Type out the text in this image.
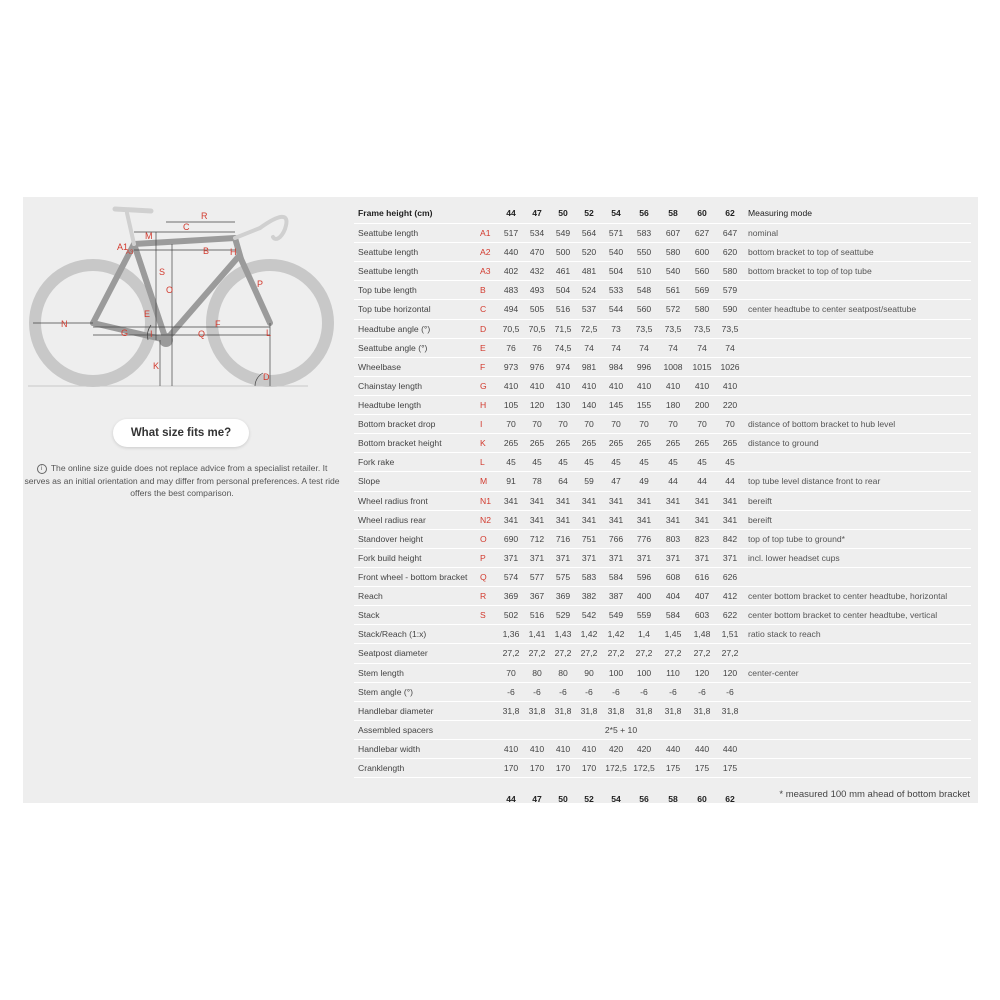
R
M
A1
A3
C
B H
S
O
E
P
N
G	Q
F
I	L
K
D
What size fits me?
i The online size guide does not replace advice from a specialist retailer. It serves as an initial orientation and may differ from personal preferences. A test ride offers the best comparison.
Frame height (cm)		44	47	50	52	54	56	58	60	62	Measuring mode
Seattube length	A1	517	534	549	564	571	583	607	627	647	nominal
Seattube length	A2	440	470	500	520	540	550	580	600	620	bottom bracket to top of seattube
Seattube length	A3	402	432	461	481	504	510	540	560	580	bottom bracket to top of top tube
Top tube length	B	483	493	504	524	533	548	561	569	579	
Top tube horizontal	C	494	505	516	537	544	560	572	580	590	center headtube to center seatpost/seattube
Headtube angle (°)	D	70,5	70,5	71,5	72,5	73	73,5	73,5	73,5	73,5	
Seattube angle (°)	E	76	76	74,5	74	74	74	74	74	74	
Wheelbase	F	973	976	974	981	984	996	1008	1015	1026	
Chainstay length	G	410	410	410	410	410	410	410	410	410	
Headtube length	H	105	120	130	140	145	155	180	200	220	
Bottom bracket drop	I	70	70	70	70	70	70	70	70	70	distance of bottom bracket to hub level
Bottom bracket height	K	265	265	265	265	265	265	265	265	265	distance to ground
Fork rake	L	45	45	45	45	45	45	45	45	45	
Slope	M	91	78	64	59	47	49	44	44	44	top tube level distance front to rear
Wheel radius front	N1	341	341	341	341	341	341	341	341	341	bereift
Wheel radius rear	N2	341	341	341	341	341	341	341	341	341	bereift
Standover height	O	690	712	716	751	766	776	803	823	842	top of top tube to ground*
Fork build height	P	371	371	371	371	371	371	371	371	371	incl. lower headset cups
Front wheel - bottom bracket	Q	574	577	575	583	584	596	608	616	626	
Reach	R	369	367	369	382	387	400	404	407	412	center bottom bracket to center headtube, horizontal
Stack	S	502	516	529	542	549	559	584	603	622	center bottom bracket to center headtube, vertical
Stack/Reach (1:x)		1,36	1,41	1,43	1,42	1,42	1,4	1,45	1,48	1,51	ratio stack to reach
Seatpost diameter		27,2	27,2	27,2	27,2	27,2	27,2	27,2	27,2	27,2	
Stem length		70	80	80	90	100	100	110	120	120	center-center
Stem angle (°)		-6	-6	-6	-6	-6	-6	-6	-6	-6	
Handlebar diameter		31,8	31,8	31,8	31,8	31,8	31,8	31,8	31,8	31,8	
Assembled spacers		2*5 + 10									
Handlebar width		410	410	410	410	420	420	440	440	440	
Cranklength		170	170	170	170	172,5	172,5	175	175	175	
		44	47	50	52	54	56	58	60	62		* measured 100 mm ahead of bottom bracket
